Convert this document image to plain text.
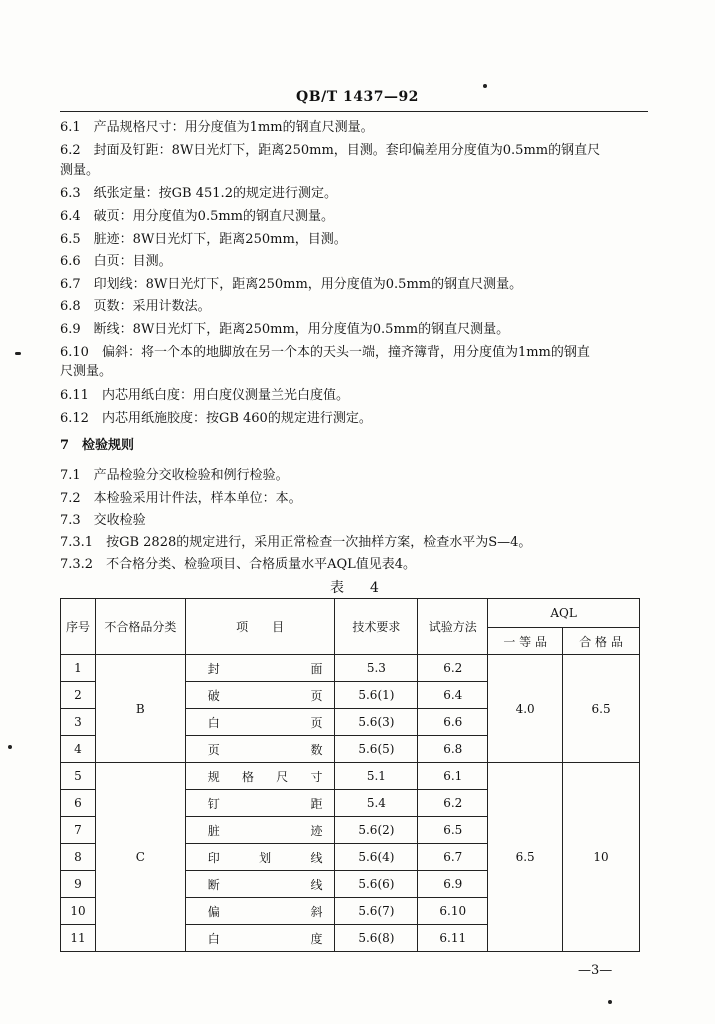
QB/T 1437—92
6.1　产品规格尺寸：用分度值为1mm的钢直尺测量。
6.2　封面及钉距：8W日光灯下，距离250mm，目测。套印偏差用分度值为0.5mm的钢直尺
测量。
6.3　纸张定量：按GB 451.2的规定进行测定。
6.4　破页：用分度值为0.5mm的钢直尺测量。
6.5　脏迹：8W日光灯下，距离250mm，目测。
6.6　白页：目测。
6.7　印划线：8W日光灯下，距离250mm，用分度值为0.5mm的钢直尺测量。
6.8　页数：采用计数法。
6.9　断线：8W日光灯下，距离250mm，用分度值为0.5mm的钢直尺测量。
6.10　偏斜：将一个本的地脚放在另一个本的天头一端，撞齐簿背，用分度值为1mm的钢直
尺测量。
6.11　内芯用纸白度：用白度仪测量兰光白度值。
6.12　内芯用纸施胶度：按GB 460的规定进行测定。
7　检验规则
7.1　产品检验分交收检验和例行检验。
7.2　本检验采用计件法，样本单位：本。
7.3　交收检验
7.3.1　按GB 2828的规定进行，采用正常检查一次抽样方案，检查水平为S—4。
7.3.2　不合格分类、检验项目、合格质量水平AQL值见表4。
表　4
序号	不合格品分类	项　　目	技术要求	试验方法	AQL	
					一 等 品	合 格 品
1	B	封面	5.3	6.2	4.0	6.5
2		破页	5.6(1)	6.4		
3		白页	5.6(3)	6.6		
4		页数	5.6(5)	6.8		
5	C	规格尺寸	5.1	6.1	6.5	10
6		钉距	5.4	6.2		
7		脏迹	5.6(2)	6.5		
8		印划线	5.6(4)	6.7		
9		断线	5.6(6)	6.9		
10		偏斜	5.6(7)	6.10		
11		白度	5.6(8)	6.11		
—3—
